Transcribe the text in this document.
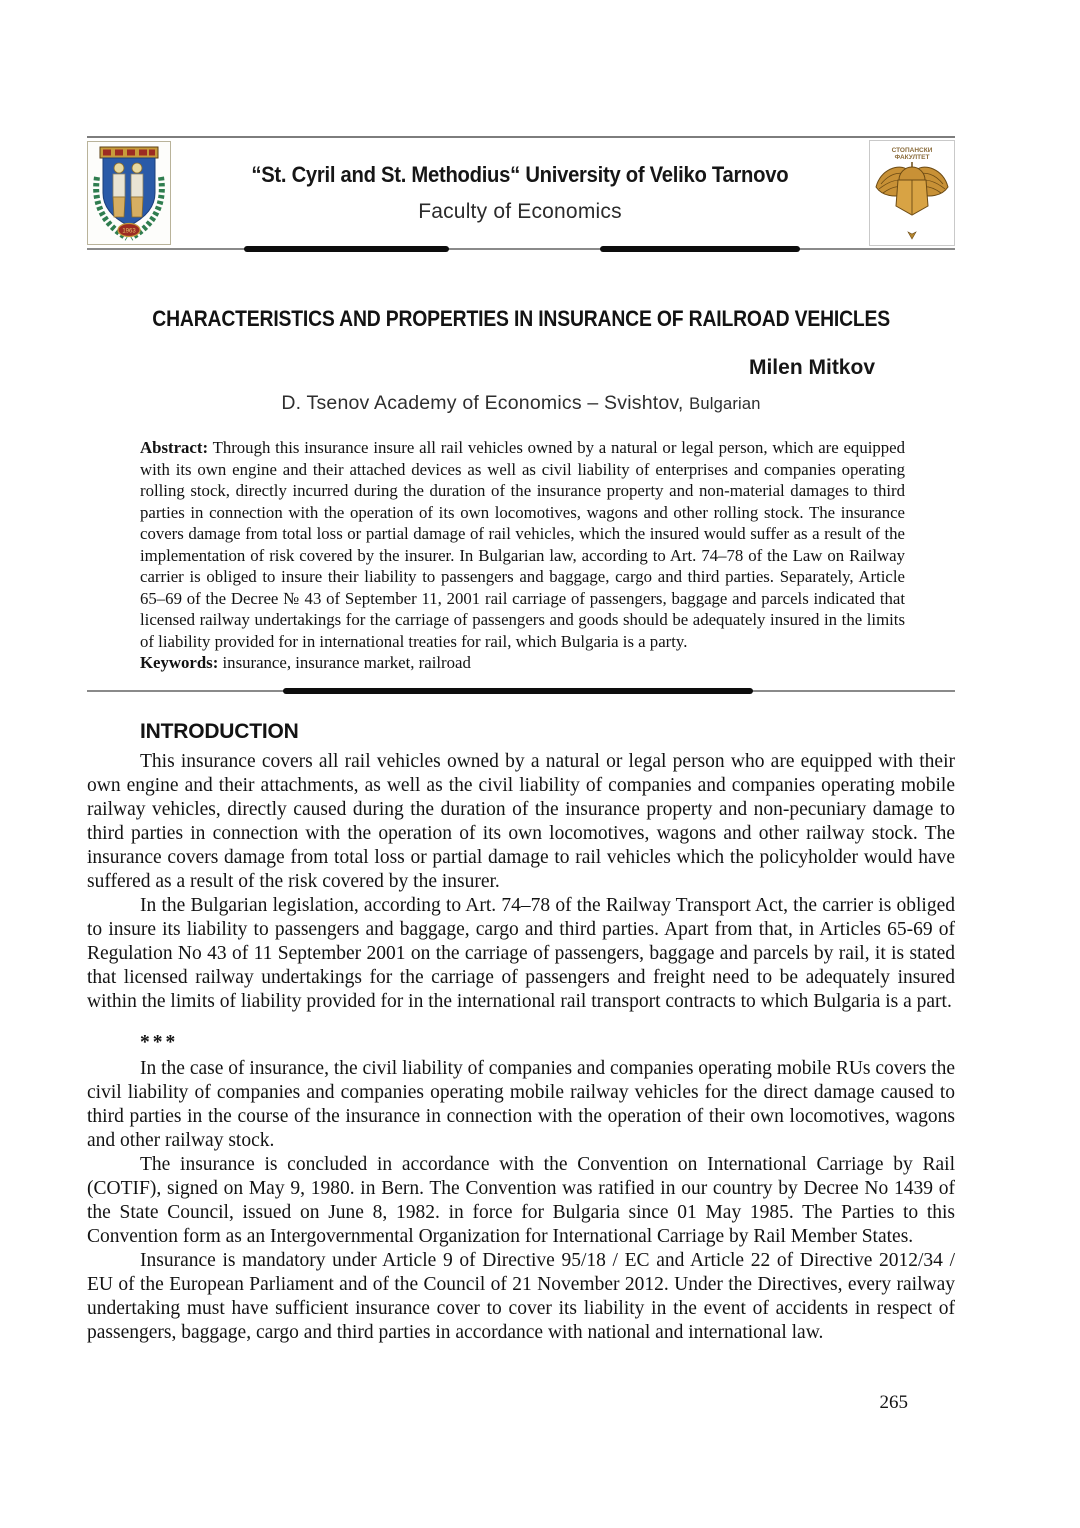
1963
“St. Cyril and St. Methodius“ University of Veliko Tarnovo
Faculty of Economics
СТОПАНСКИ
ФАКУЛТЕТ
CHARACTERISTICS AND PROPERTIES IN INSURANCE OF RAILROAD VEHICLES
Milen Mitkov
D. Tsenov Academy of Economics – Svishtov, Bulgarian

Abstract: Through this insurance insure all rail vehicles owned by a natural or legal person, which are equipped with its own engine and their attached devices as well as civil liability of enterprises and companies operating rolling stock, directly incurred during the duration of the insurance property and non-material damages to third parties in connection with the operation of its own locomotives, wagons and other rolling stock. The insurance covers damage from total loss or partial damage of rail vehicles, which the insured would suffer as a result of the implementation of risk covered by the insurer. In Bulgarian law, according to Art. 74–78 of the Law on Railway carrier is obliged to insure their liability to passengers and baggage, cargo and third parties. Separately, Article 65–69 of the Decree № 43 of September 11, 2001 rail carriage of passengers, baggage and parcels indicated that licensed railway undertakings for the carriage of passengers and goods should be adequately insured in the limits of liability provided for in international treaties for rail, which Bulgaria is a party.

Keywords: insurance, insurance market, railroad

INTRODUCTION

This insurance covers all rail vehicles owned by a natural or legal person who are equipped with their own engine and their attachments, as well as the civil liability of companies and companies operating mobile railway vehicles, directly caused during the duration of the insurance property and non-pecuniary damage to third parties in connection with the operation of its own locomotives, wagons and other railway stock. The insurance covers damage from total loss or partial damage to rail vehicles which the policyholder would have suffered as a result of the risk covered by the insurer.

In the Bulgarian legislation, according to Art. 74–78 of the Railway Transport Act, the carrier is obliged to insure its liability to passengers and baggage, cargo and third parties. Apart from that, in Articles 65-69 of Regulation No 43 of 11 September 2001 on the carriage of passengers, baggage and parcels by rail, it is stated that licensed railway undertakings for the carriage of passengers and freight need to be adequately insured within the limits of liability provided for in the international rail transport contracts to which Bulgaria is a part.

***

In the case of insurance, the civil liability of companies and companies operating mobile RUs covers the civil liability of companies and companies operating mobile railway vehicles for the direct damage caused to third parties in the course of the insurance in connection with the operation of their own locomotives, wagons and other railway stock.

The insurance is concluded in accordance with the Convention on International Carriage by Rail (COTIF), signed on May 9, 1980. in Bern. The Convention was ratified in our country by Decree No 1439 of the State Council, issued on June 8, 1982. in force for Bulgaria since 01 May 1985. The Parties to this Convention form as an Intergovernmental Organization for International Carriage by Rail Member States.

Insurance is mandatory under Article 9 of Directive 95/18 / EC and Article 22 of Directive 2012/34 / EU of the European Parliament and of the Council of 21 November 2012. Under the Directives, every railway undertaking must have sufficient insurance cover to cover its liability in the event of accidents in respect of passengers, baggage, cargo and third parties in accordance with national and international law.

265
